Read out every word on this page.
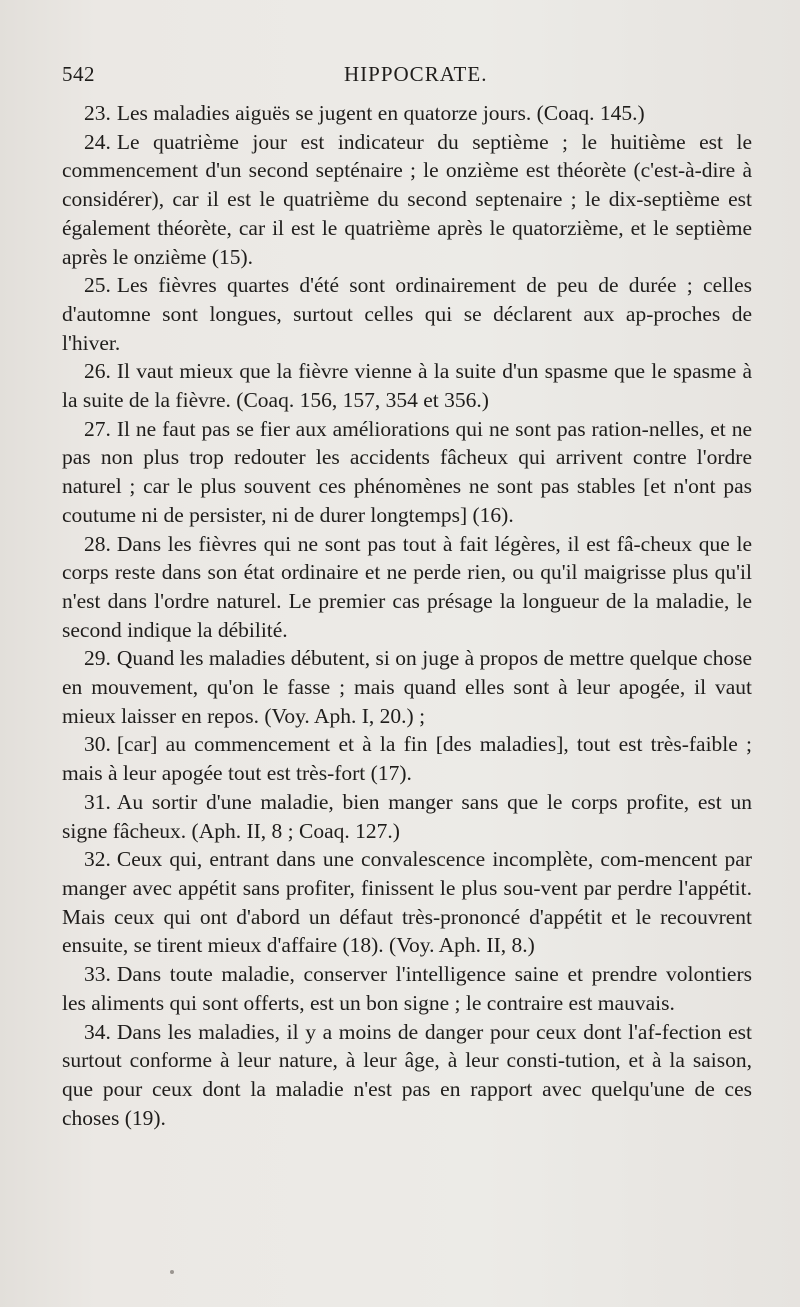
542	HIPPOCRATE.

23. Les maladies aiguës se jugent en quatorze jours. (Coaq. 145.)

24. Le quatrième jour est indicateur du septième ; le huitième est le commencement d'un second septénaire ; le onzième est théorète (c'est-à-dire à considérer), car il est le quatrième du second septenaire ; le dix-septième est également théorète, car il est le quatrième après le quatorzième, et le septième après le onzième (15).

25. Les fièvres quartes d'été sont ordinairement de peu de durée ; celles d'automne sont longues, surtout celles qui se déclarent aux ap-proches de l'hiver.

26. Il vaut mieux que la fièvre vienne à la suite d'un spasme que le spasme à la suite de la fièvre. (Coaq. 156, 157, 354 et 356.)

27. Il ne faut pas se fier aux améliorations qui ne sont pas ration-nelles, et ne pas non plus trop redouter les accidents fâcheux qui arrivent contre l'ordre naturel ; car le plus souvent ces phénomènes ne sont pas stables [et n'ont pas coutume ni de persister, ni de durer longtemps] (16).

28. Dans les fièvres qui ne sont pas tout à fait légères, il est fâ-cheux que le corps reste dans son état ordinaire et ne perde rien, ou qu'il maigrisse plus qu'il n'est dans l'ordre naturel. Le premier cas présage la longueur de la maladie, le second indique la débilité.

29. Quand les maladies débutent, si on juge à propos de mettre quelque chose en mouvement, qu'on le fasse ; mais quand elles sont à leur apogée, il vaut mieux laisser en repos. (Voy. Aph. I, 20.) ;

30. [car] au commencement et à la fin [des maladies], tout est très-faible ; mais à leur apogée tout est très-fort (17).

31. Au sortir d'une maladie, bien manger sans que le corps profite, est un signe fâcheux. (Aph. II, 8 ; Coaq. 127.)

32. Ceux qui, entrant dans une convalescence incomplète, com-mencent par manger avec appétit sans profiter, finissent le plus sou-vent par perdre l'appétit. Mais ceux qui ont d'abord un défaut très-prononcé d'appétit et le recouvrent ensuite, se tirent mieux d'affaire (18). (Voy. Aph. II, 8.)

33. Dans toute maladie, conserver l'intelligence saine et prendre volontiers les aliments qui sont offerts, est un bon signe ; le contraire est mauvais.

34. Dans les maladies, il y a moins de danger pour ceux dont l'af-fection est surtout conforme à leur nature, à leur âge, à leur consti-tution, et à la saison, que pour ceux dont la maladie n'est pas en rapport avec quelqu'une de ces choses (19).
